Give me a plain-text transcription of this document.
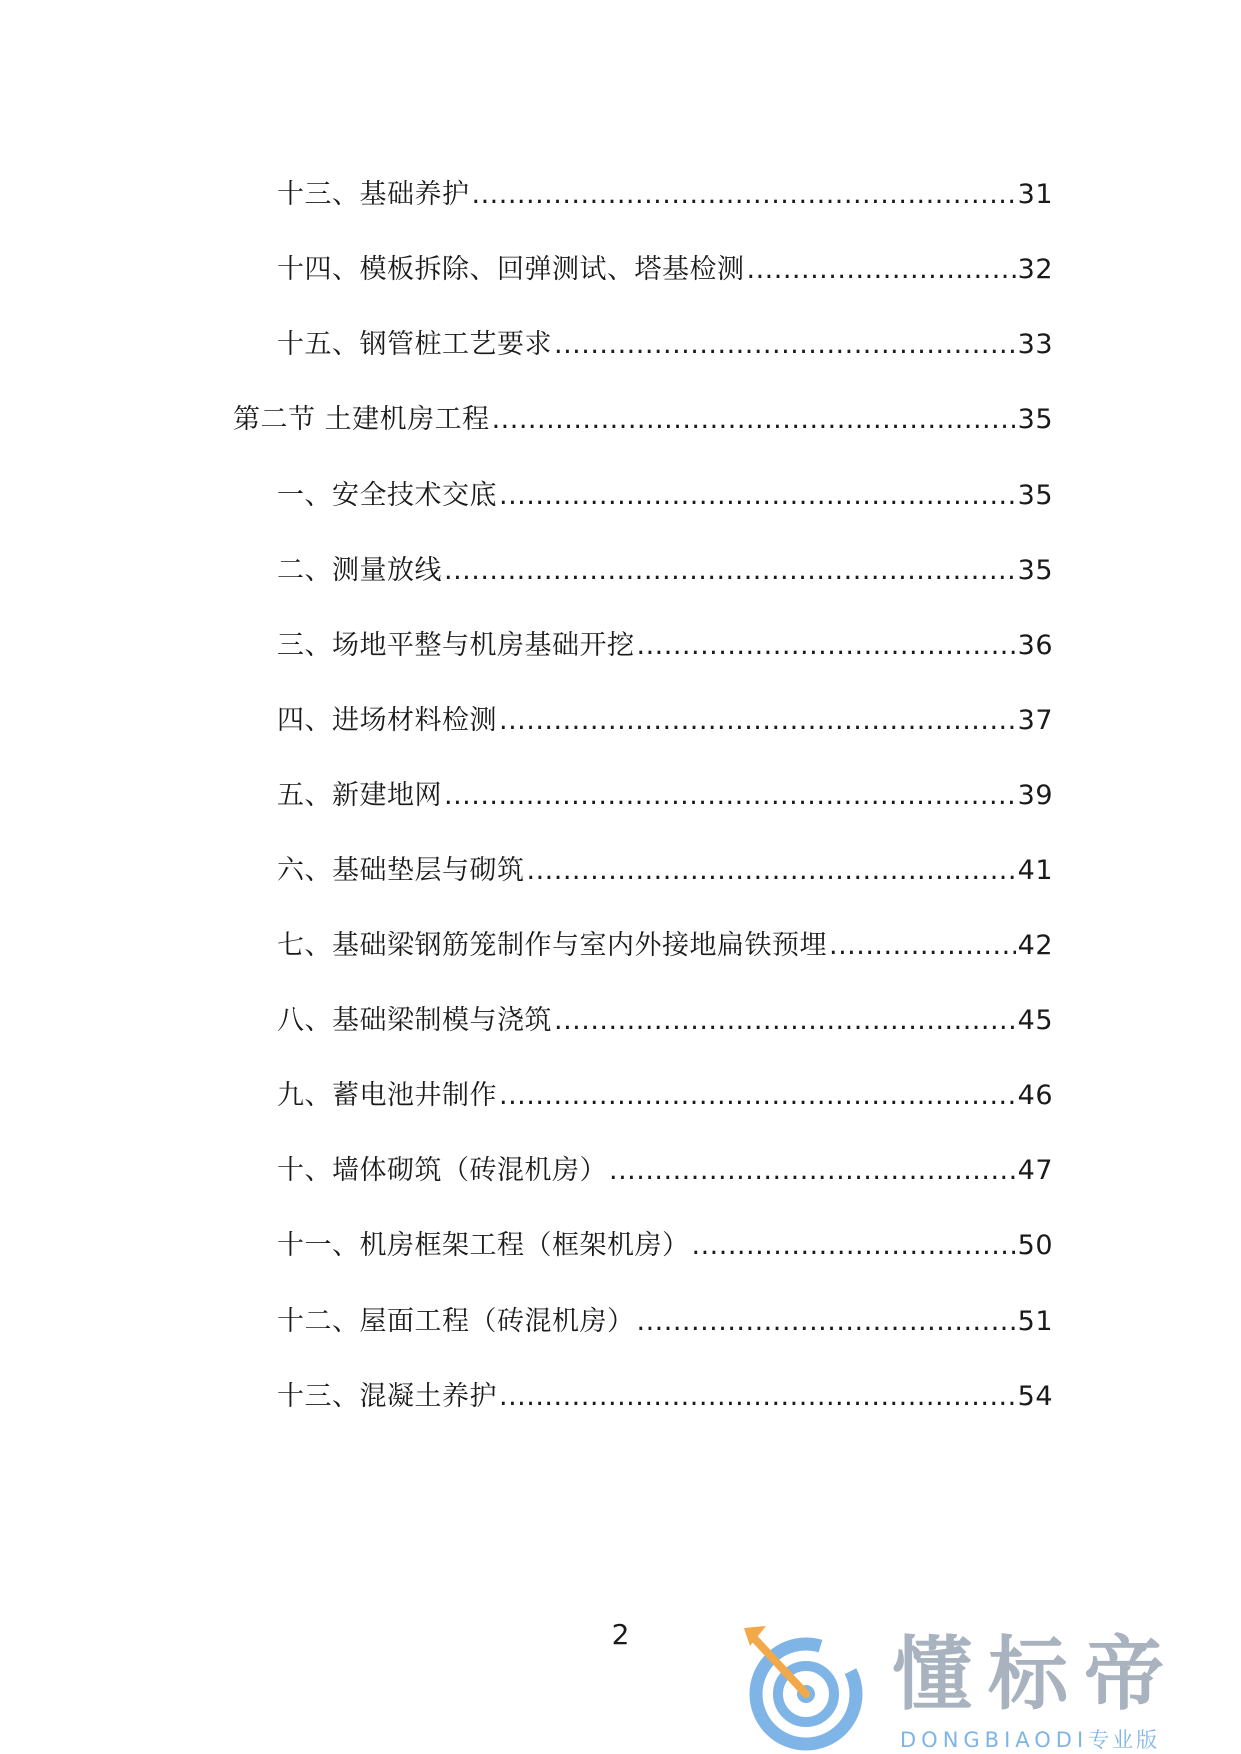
十三、基础养护 .....	31
十四、模板拆除、回弹测试、塔基检测 .....	32
十五、钢管桩工艺要求 .....	33
第二节 土建机房工程 .....	35
一、安全技术交底 .....	35
二、测量放线 .....	35
三、场地平整与机房基础开挖 .....	36
四、进场材料检测 .....	37
五、新建地网 .....	39
六、基础垫层与砌筑 .....	41
七、基础梁钢筋笼制作与室内外接地扁铁预埋 .....	42
八、基础梁制模与浇筑 .....	45
九、蓄电池井制作 .....	46
十、墙体砌筑（砖混机房） .....	47
十一、机房框架工程（框架机房） .....	50
十二、屋面工程（砖混机房） .....	51
十三、混凝土养护 .....	54
2	懂标帝
DONGBIAODI专业版
